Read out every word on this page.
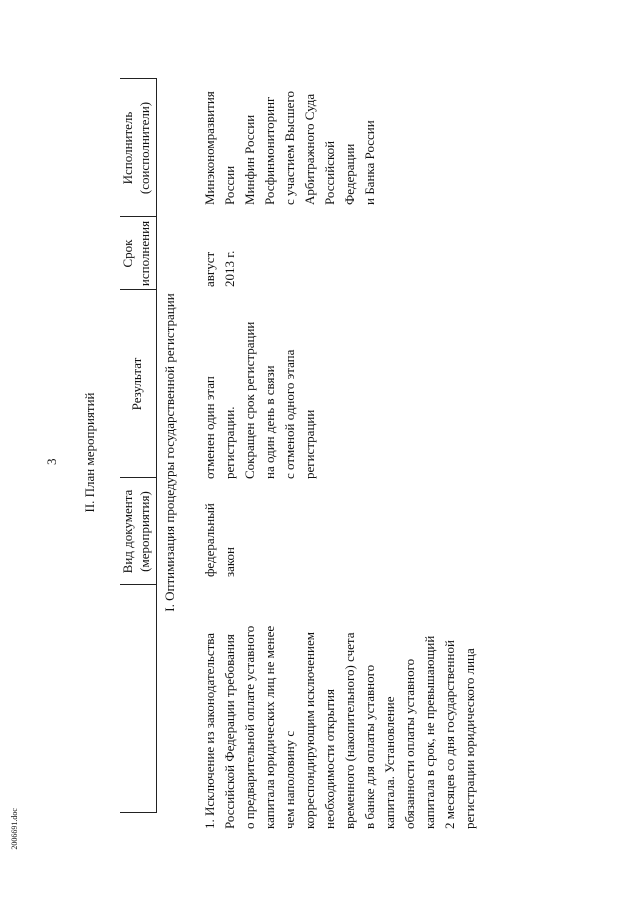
3 II. План мероприятий
Вид документа
(мероприятия)
Результат
Срок
исполнения
Исполнитель
(соисполнители)
I. Оптимизация процедуры государственной регистрации
1. Исключение из законодательства
Российской Федерации требования
о предварительной оплате уставного
капитала юридических лиц не менее
чем наполовину с
корреспондирующим исключением
необходимости открытия
временного (накопительного) счета
в банке для оплаты уставного
капитала. Установление
обязанности оплаты уставного
капитала в срок, не превышающий
2 месяцев со дня государственной
регистрации юридического лица
федеральный
закон
отменен один этап
регистрации.
Сокращен срок регистрации
на один день в связи
с отменой одного этапа
регистрации
август
2013 г.
Минэкономразвития
России
Минфин России
Росфинмониторинг
с участием Высшего
Арбитражного Суда
Российской
Федерации
и Банка России
2006691.doc
